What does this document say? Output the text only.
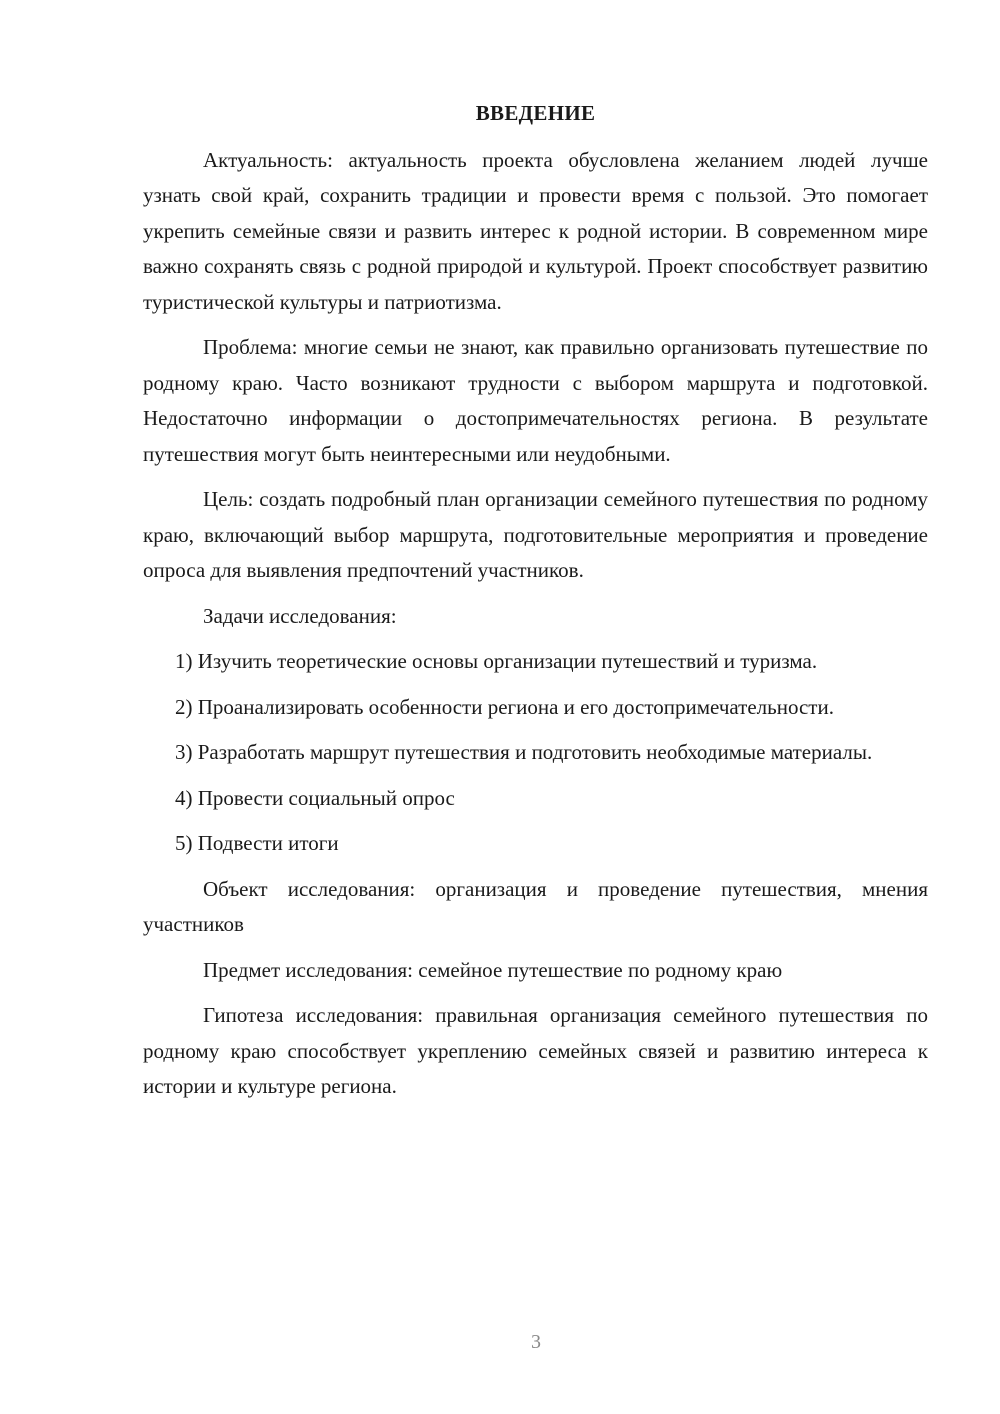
ВВЕДЕНИЕ

Актуальность: актуальность проекта обусловлена желанием людей лучше узнать свой край, сохранить традиции и провести время с пользой. Это помогает укрепить семейные связи и развить интерес к родной истории. В современном мире важно сохранять связь с родной природой и культурой. Проект способствует развитию туристической культуры и патриотизма.

Проблема: многие семьи не знают, как правильно организовать путешествие по родному краю. Часто возникают трудности с выбором маршрута и подготовкой. Недостаточно информации о достопримечательностях региона. В результате путешествия могут быть неинтересными или неудобными.

Цель: создать подробный план организации семейного путешествия по родному краю, включающий выбор маршрута, подготовительные мероприятия и проведение опроса для выявления предпочтений участников.

Задачи исследования:

1) Изучить теоретические основы организации путешествий и туризма.

2) Проанализировать особенности региона и его достопримечательности.

3) Разработать маршрут путешествия и подготовить необходимые материалы.

4) Провести социальный опрос

5) Подвести итоги

Объект исследования: организация и проведение путешествия, мнения участников

Предмет исследования: семейное путешествие по родному краю

Гипотеза исследования: правильная организация семейного путешествия по родному краю способствует укреплению семейных связей и развитию интереса к истории и культуре региона.

3
